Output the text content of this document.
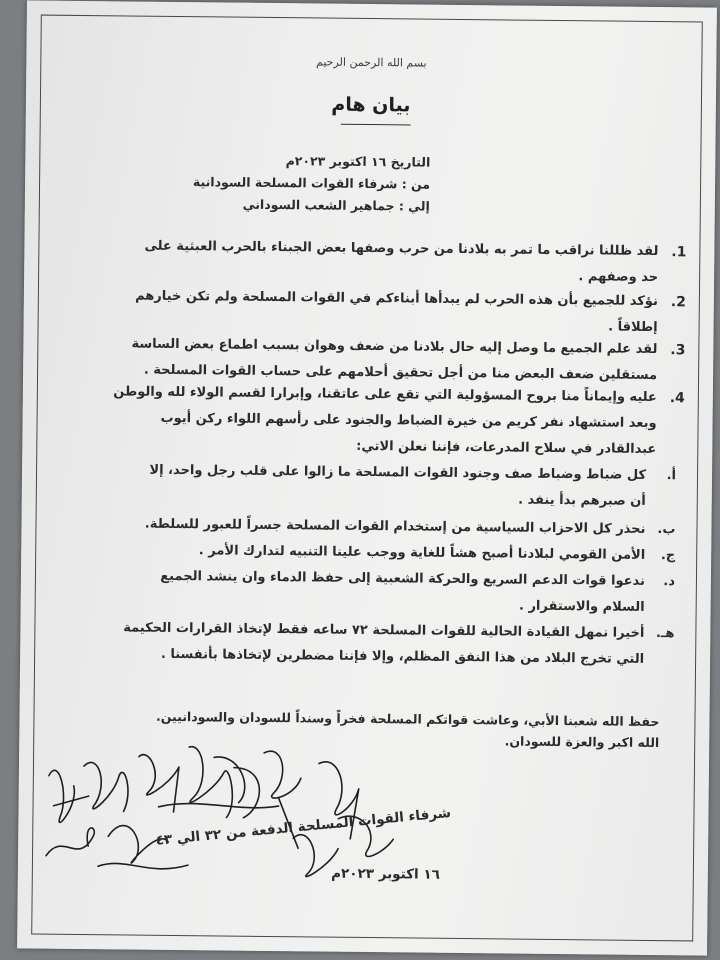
بسم الله الرحمن الرحيم
بيان هام
التاريخ ١٦ اكتوبر ٢٠٢٣م
من : شرفاء القوات المسلحة السودانية
إلي : جماهير الشعب السوداني
1.
لقد ظللنا نراقب ما تمر به بلادنا من حرب وصفها بعض الجبناء بالحرب العبثية على
حد وصفهم .
2.
نؤكد للجميع بأن هذه الحرب لم يبدأها أبناءكم في القوات المسلحة ولم تكن خيارهم
إطلاقاً .
3.
لقد علم الجميع ما وصل إليه حال بلادنا من ضعف وهوان بسبب اطماع بعض الساسة
مستقلين ضعف البعض منا من أجل تحقيق أحلامهم على حساب القوات المسلحة .
4.
عليه وإيماناً منا بروح المسؤولية التي تقع على عاتقنا، وإبرارا لقسم الولاء لله والوطن
وبعد استشهاد نفر كريم من خيرة الضباط والجنود على رأسهم اللواء ركن أيوب
عبدالقادر في سلاح المدرعات، فإننا نعلن الاتي:
أ.
كل ضباط وضباط صف وجنود القوات المسلحة ما زالوا على قلب رجل واحد، إلا
أن صبرهم بدأ ينفد .
ب.
نحذر كل الاحزاب السياسية من إستخدام القوات المسلحة جسراً للعبور للسلطة.
ج.
الأمن القومي لبلادنا أصبح هشاً للغاية ووجب علينا التنبيه لتدارك الأمر .
د.
ندعوا قوات الدعم السريع والحركة الشعبية إلى حفظ الدماء وان ينشد الجميع
السلام والاستقرار .
هـ.
أخيرا نمهل القيادة الحالية للقوات المسلحة ٧٢ ساعه فقط لإتخاذ القرارات الحكيمة
التي تخرج البلاد من هذا النفق المظلم، وإلا فإننا مضطرين لإتخاذها بأنفسنا .
حفظ الله شعبنا الأبي، وعاشت قواتكم المسلحة فخراً وسنداً للسودان والسودانيين.
الله اكبر والعزة للسودان.
شرفاء القوات المسلحة الدفعة من ٣٢ الي ٤٣
١٦ اكتوبر ٢٠٢٣م
